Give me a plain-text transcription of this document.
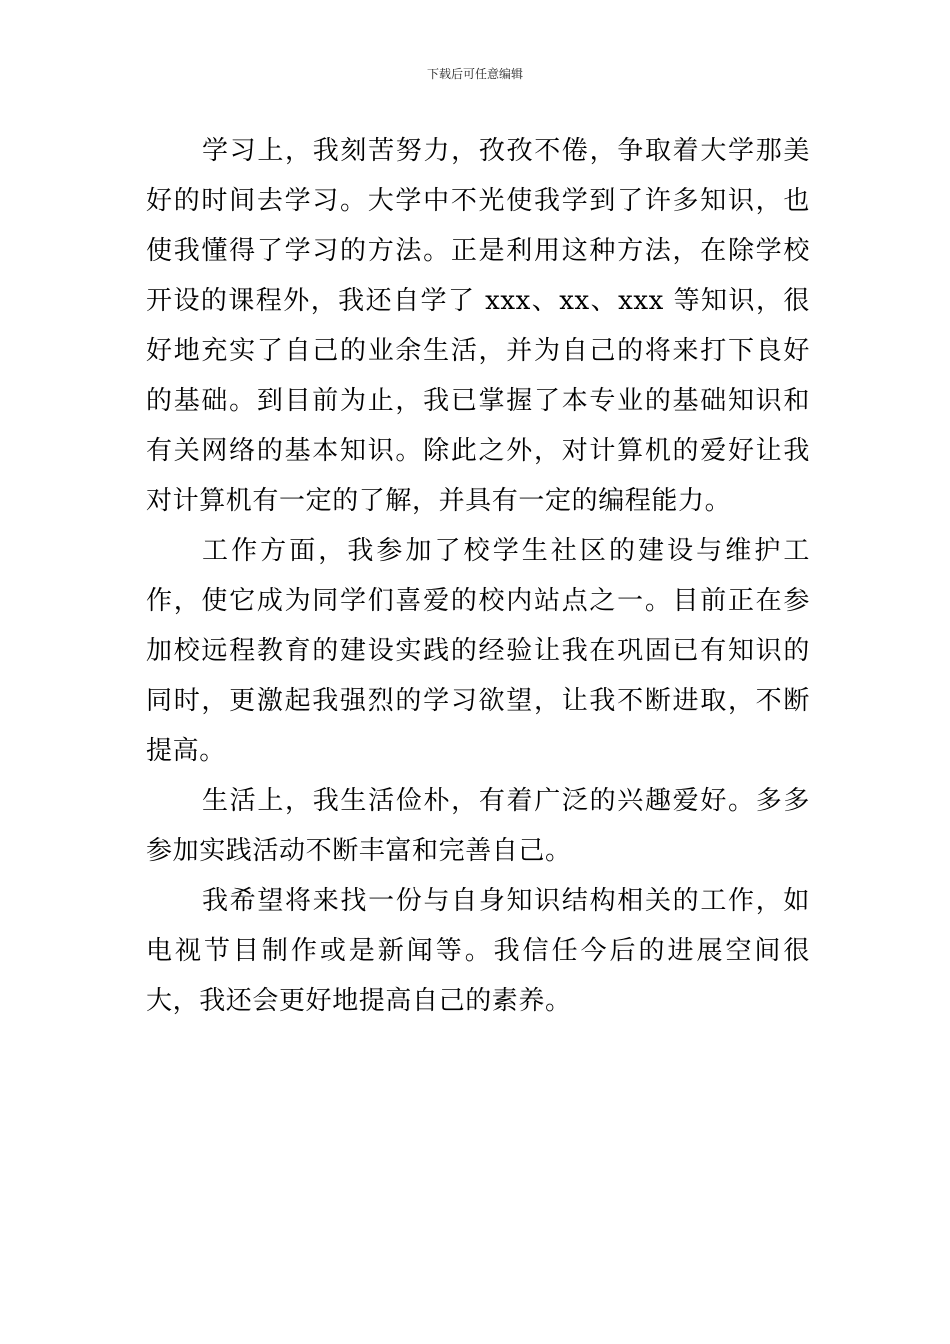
下载后可任意编辑

学习上，我刻苦努力，孜孜不倦，争取着大学那美好的时间去学习。大学中不光使我学到了许多知识，也使我懂得了学习的方法。正是利用这种方法，在除学校开设的课程外，我还自学了 xxx、xx、xxx 等知识，很好地充实了自己的业余生活，并为自己的将来打下良好的基础。到目前为止，我已掌握了本专业的基础知识和有关网络的基本知识。除此之外，对计算机的爱好让我对计算机有一定的了解，并具有一定的编程能力。

工作方面，我参加了校学生社区的建设与维护工作，使它成为同学们喜爱的校内站点之一。目前正在参加校远程教育的建设实践的经验让我在巩固已有知识的同时，更激起我强烈的学习欲望，让我不断进取，不断提高。

生活上，我生活俭朴，有着广泛的兴趣爱好。多多参加实践活动不断丰富和完善自己。

我希望将来找一份与自身知识结构相关的工作，如电视节目制作或是新闻等。我信任今后的进展空间很大，我还会更好地提高自己的素养。
